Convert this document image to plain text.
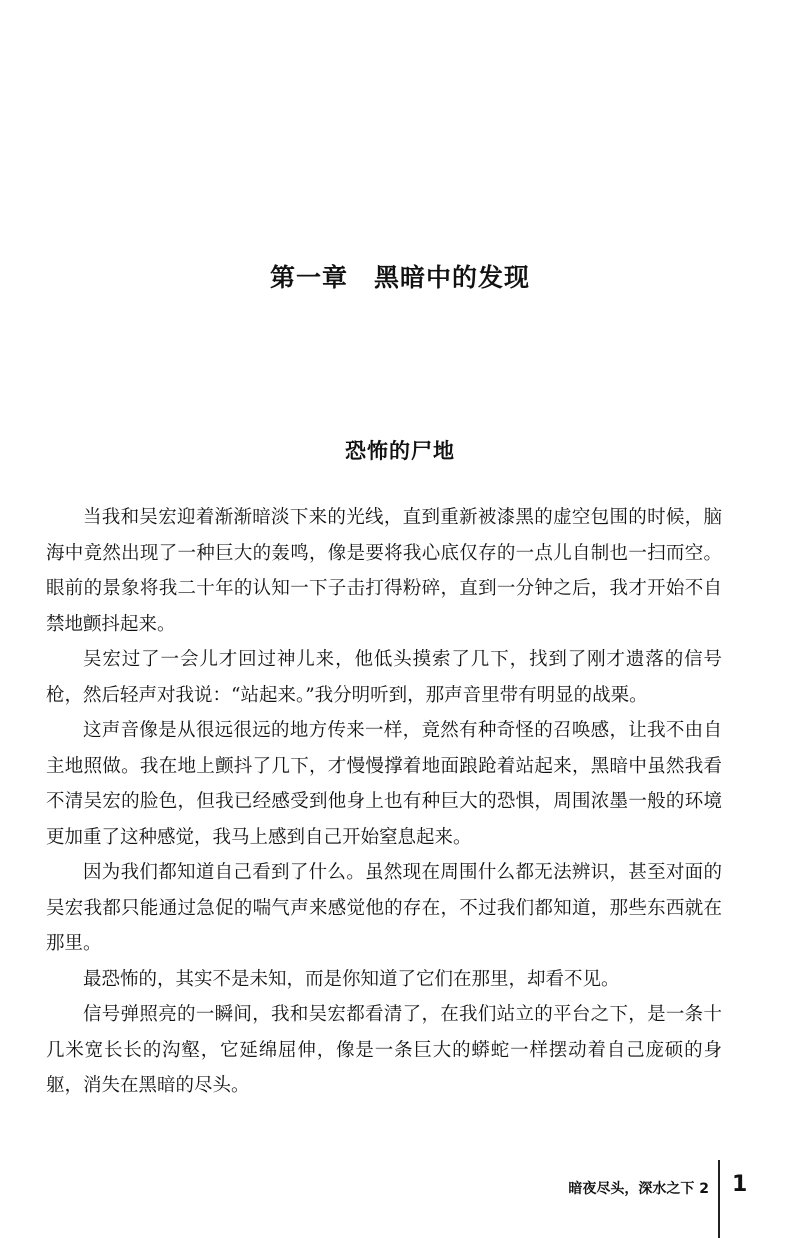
第一章　黑暗中的发现
恐怖的尸地

当我和吴宏迎着渐渐暗淡下来的光线，直到重新被漆黑的虚空包围的时候，脑海中竟然出现了一种巨大的轰鸣，像是要将我心底仅存的一点儿自制也一扫而空。眼前的景象将我二十年的认知一下子击打得粉碎，直到一分钟之后，我才开始不自禁地颤抖起来。

吴宏过了一会儿才回过神儿来，他低头摸索了几下，找到了刚才遗落的信号枪，然后轻声对我说：“站起来。”我分明听到，那声音里带有明显的战栗。

这声音像是从很远很远的地方传来一样，竟然有种奇怪的召唤感，让我不由自主地照做。我在地上颤抖了几下，才慢慢撑着地面踉跄着站起来，黑暗中虽然我看不清吴宏的脸色，但我已经感受到他身上也有种巨大的恐惧，周围浓墨一般的环境更加重了这种感觉，我马上感到自己开始窒息起来。

因为我们都知道自己看到了什么。虽然现在周围什么都无法辨识，甚至对面的吴宏我都只能通过急促的喘气声来感觉他的存在，不过我们都知道，那些东西就在那里。

最恐怖的，其实不是未知，而是你知道了它们在那里，却看不见。

信号弹照亮的一瞬间，我和吴宏都看清了，在我们站立的平台之下，是一条十几米宽长长的沟壑，它延绵屈伸，像是一条巨大的蟒蛇一样摆动着自己庞硕的身躯，消失在黑暗的尽头。

暗夜尽头，深水之下 2 1
